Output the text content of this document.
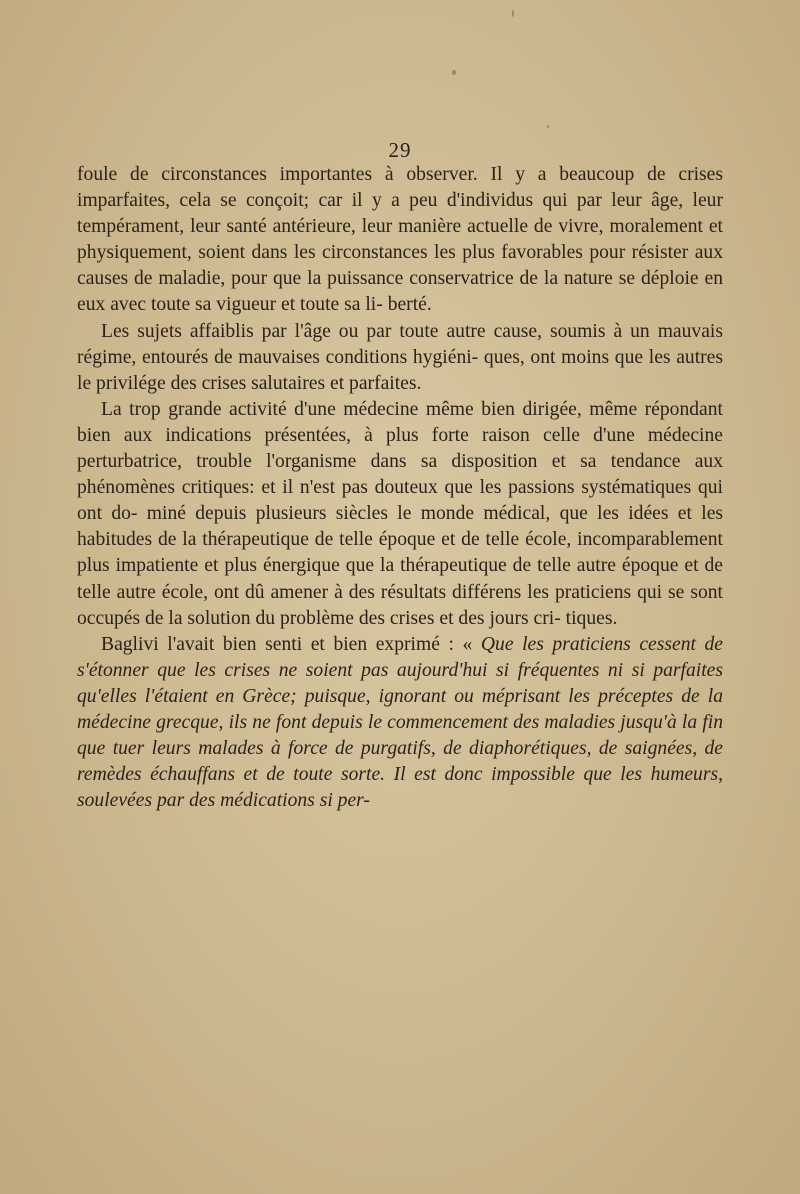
29

foule de circonstances importantes à observer. Il y a beaucoup de crises imparfaites, cela se conçoit; car il y a peu d'individus qui par leur âge, leur tempérament, leur santé antérieure, leur manière actuelle de vivre, moralement et physiquement, soient dans les circonstances les plus favorables pour résister aux causes de maladie, pour que la puissance conservatrice de la nature se déploie en eux avec toute sa vigueur et toute sa li- berté.

Les sujets affaiblis par l'âge ou par toute autre cause, soumis à un mauvais régime, entourés de mauvaises conditions hygiéni- ques, ont moins que les autres le privilége des crises salutaires et parfaites.

La trop grande activité d'une médecine même bien dirigée, même répondant bien aux indications présentées, à plus forte raison celle d'une médecine perturbatrice, trouble l'organisme dans sa disposition et sa tendance aux phénomènes critiques: et il n'est pas douteux que les passions systématiques qui ont do- miné depuis plusieurs siècles le monde médical, que les idées et les habitudes de la thérapeutique de telle époque et de telle école, incomparablement plus impatiente et plus énergique que la thérapeutique de telle autre époque et de telle autre école, ont dû amener à des résultats différens les praticiens qui se sont occupés de la solution du problème des crises et des jours cri- tiques.

Baglivi l'avait bien senti et bien exprimé : « Que les praticiens cessent de s'étonner que les crises ne soient pas aujourd'hui si fréquentes ni si parfaites qu'elles l'étaient en Grèce; puisque, ignorant ou méprisant les préceptes de la médecine grecque, ils ne font depuis le commencement des maladies jusqu'à la fin que tuer leurs malades à force de purgatifs, de diaphorétiques, de saignées, de remèdes échauffans et de toute sorte. Il est donc impossible que les humeurs, soulevées par des médications si per-
